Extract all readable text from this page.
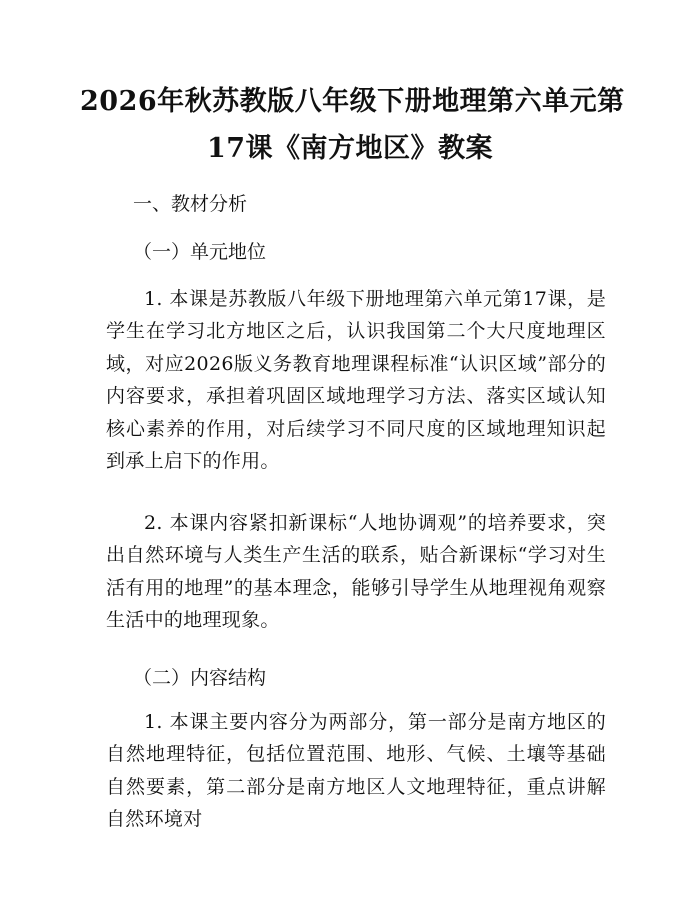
2026年秋苏教版八年级下册地理第六单元第
17课《南方地区》教案
一、教材分析
（一）单元地位
1. 本课是苏教版八年级下册地理第六单元第17课，是学生在学习北方地区之后，认识我国第二个大尺度地理区域，对应2026版义务教育地理课程标准“认识区域”部分的内容要求，承担着巩固区域地理学习方法、落实区域认知核心素养的作用，对后续学习不同尺度的区域地理知识起到承上启下的作用。
2. 本课内容紧扣新课标“人地协调观”的培养要求，突出自然环境与人类生产生活的联系，贴合新课标“学习对生活有用的地理”的基本理念，能够引导学生从地理视角观察生活中的地理现象。
（二）内容结构
1. 本课主要内容分为两部分，第一部分是南方地区的自然地理特征，包括位置范围、地形、气候、土壤等基础自然要素，第二部分是南方地区人文地理特征，重点讲解自然环境对
